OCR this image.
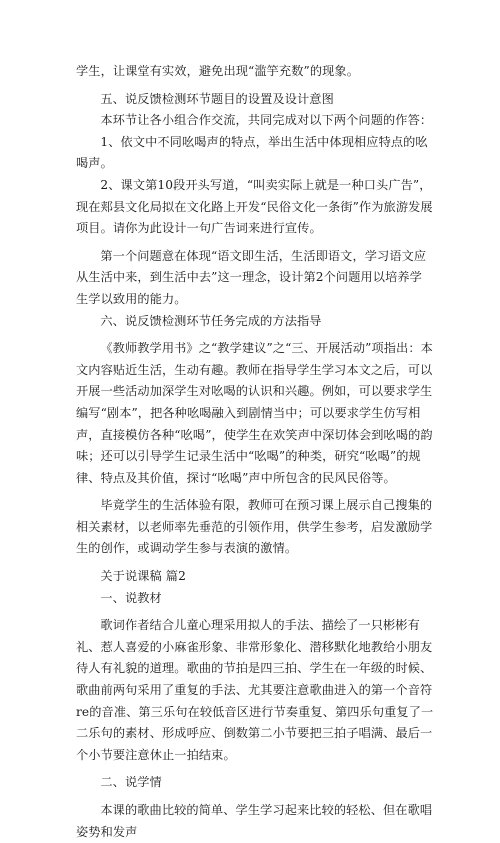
学生，让课堂有实效，避免出现“滥竽充数”的现象。

五、说反馈检测环节题目的设置及设计意图

本环节让各小组合作交流，共同完成对以下两个问题的作答：

1、依文中不同吆喝声的特点，举出生活中体现相应特点的吆喝声。

2、课文第10段开头写道，“叫卖实际上就是一种口头广告”，现在郏县文化局拟在文化路上开发“民俗文化一条街”作为旅游发展项目。请你为此设计一句广告词来进行宣传。

第一个问题意在体现“语文即生活，生活即语文，学习语文应从生活中来，到生活中去”这一理念，设计第2个问题用以培养学生学以致用的能力。

六、说反馈检测环节任务完成的方法指导

《教师教学用书》之“教学建议”之“三、开展活动”项指出：本文内容贴近生活，生动有趣。教师在指导学生学习本文之后，可以开展一些活动加深学生对吆喝的认识和兴趣。例如，可以要求学生编写“剧本”，把各种吆喝融入到剧情当中；可以要求学生仿写相声，直接模仿各种“吆喝”，使学生在欢笑声中深切体会到吆喝的韵味；还可以引导学生记录生活中“吆喝”的种类，研究“吆喝”的规律、特点及其价值，探讨“吆喝”声中所包含的民风民俗等。

毕竟学生的生活体验有限，教师可在预习课上展示自己搜集的相关素材，以老师率先垂范的引领作用，供学生参考，启发激励学生的创作，或调动学生参与表演的激情。

关于说课稿 篇2

一、说教材

歌词作者结合儿童心理采用拟人的手法、描绘了一只彬彬有礼、惹人喜爱的小麻雀形象、非常形象化、潜移默化地教给小朋友待人有礼貌的道理。歌曲的节拍是四三拍、学生在一年级的时候、歌曲前两句采用了重复的手法、尤其要注意歌曲进入的第一个音符re的音准、第三乐句在较低音区进行节奏重复、第四乐句重复了一二乐句的素材、形成呼应、倒数第二小节要把三拍子唱满、最后一个小节要注意休止一拍结束。

二、说学情

本课的歌曲比较的简单、学生学习起来比较的轻松、但在歌唱姿势和发声
